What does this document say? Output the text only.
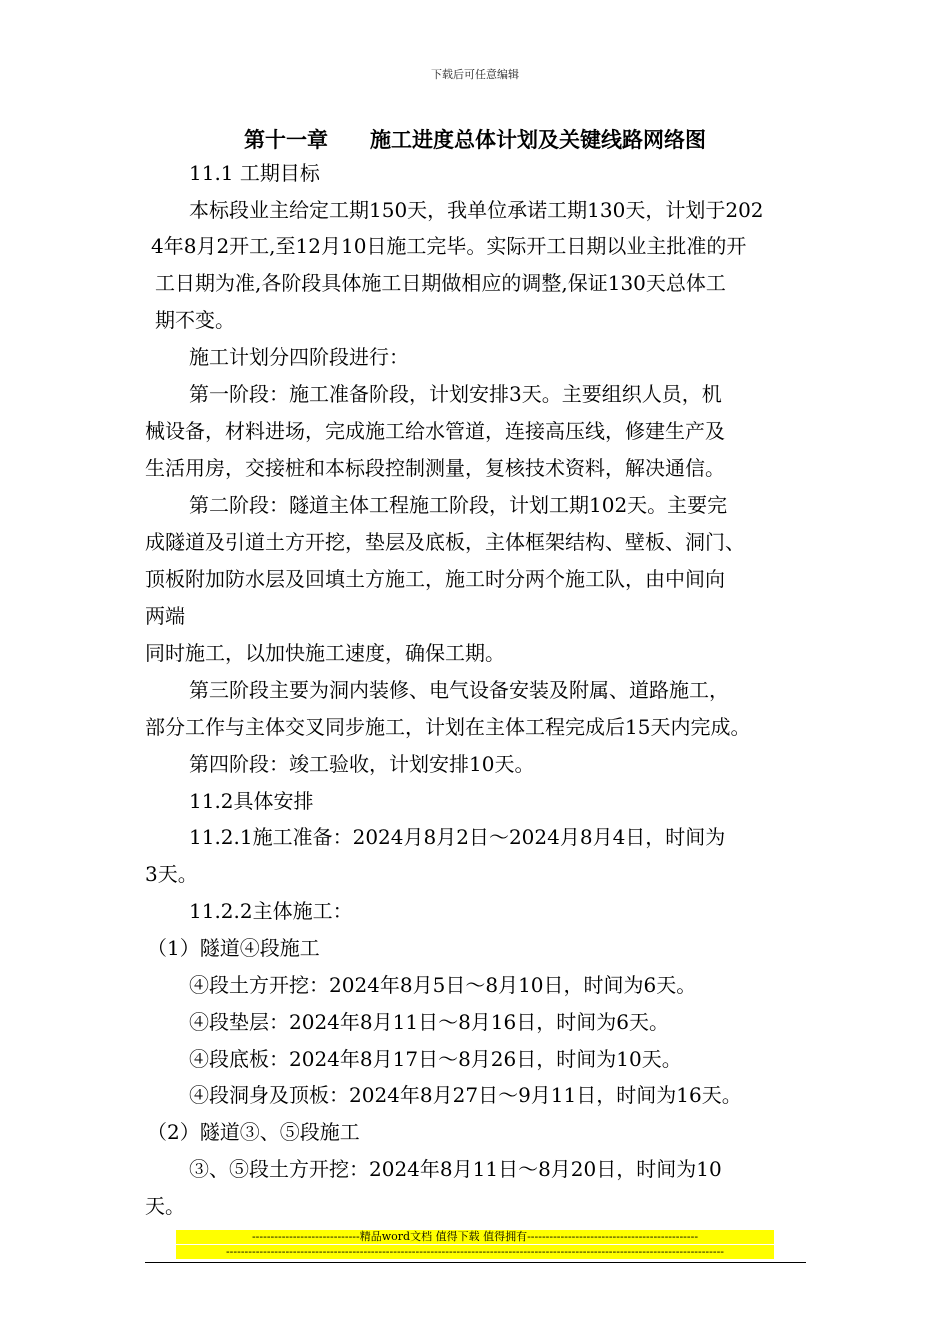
下载后可任意编辑
第十一章　　施工进度总体计划及关键线路网络图
11.1 工期目标
本标段业主给定工期150天，我单位承诺工期130天，计划于202
4年8月2开工,至12月10日施工完毕。实际开工日期以业主批准的开
工日期为准,各阶段具体施工日期做相应的调整,保证130天总体工
期不变。
施工计划分四阶段进行：
第一阶段：施工准备阶段，计划安排3天。主要组织人员，机
械设备，材料进场，完成施工给水管道，连接高压线，修建生产及
生活用房，交接桩和本标段控制测量，复核技术资料，解决通信。
第二阶段：隧道主体工程施工阶段，计划工期102天。主要完
成隧道及引道土方开挖，垫层及底板，主体框架结构、壁板、洞门、
顶板附加防水层及回填土方施工，施工时分两个施工队，由中间向
两端
同时施工，以加快施工速度，确保工期。
第三阶段主要为洞内装修、电气设备安装及附属、道路施工，
部分工作与主体交叉同步施工，计划在主体工程完成后15天内完成。
第四阶段：竣工验收，计划安排10天。
11.2具体安排
11.2.1施工准备：2024月8月2日～2024月8月4日，时间为
3天。
11.2.2主体施工：
（1）隧道④段施工
④段土方开挖：2024年8月5日～8月10日，时间为6天。
④段垫层：2024年8月11日～8月16日，时间为6天。
④段底板：2024年8月17日～8月26日，时间为10天。
④段洞身及顶板：2024年8月27日～9月11日，时间为16天。
（2）隧道③、⑤段施工
③、⑤段土方开挖：2024年8月11日～8月20日，时间为10
天。
-----------------------------精品word文档 值得下载 值得拥有----------------------------------------------
--------------------------------------------------------------------------------------------------------------------------------------
